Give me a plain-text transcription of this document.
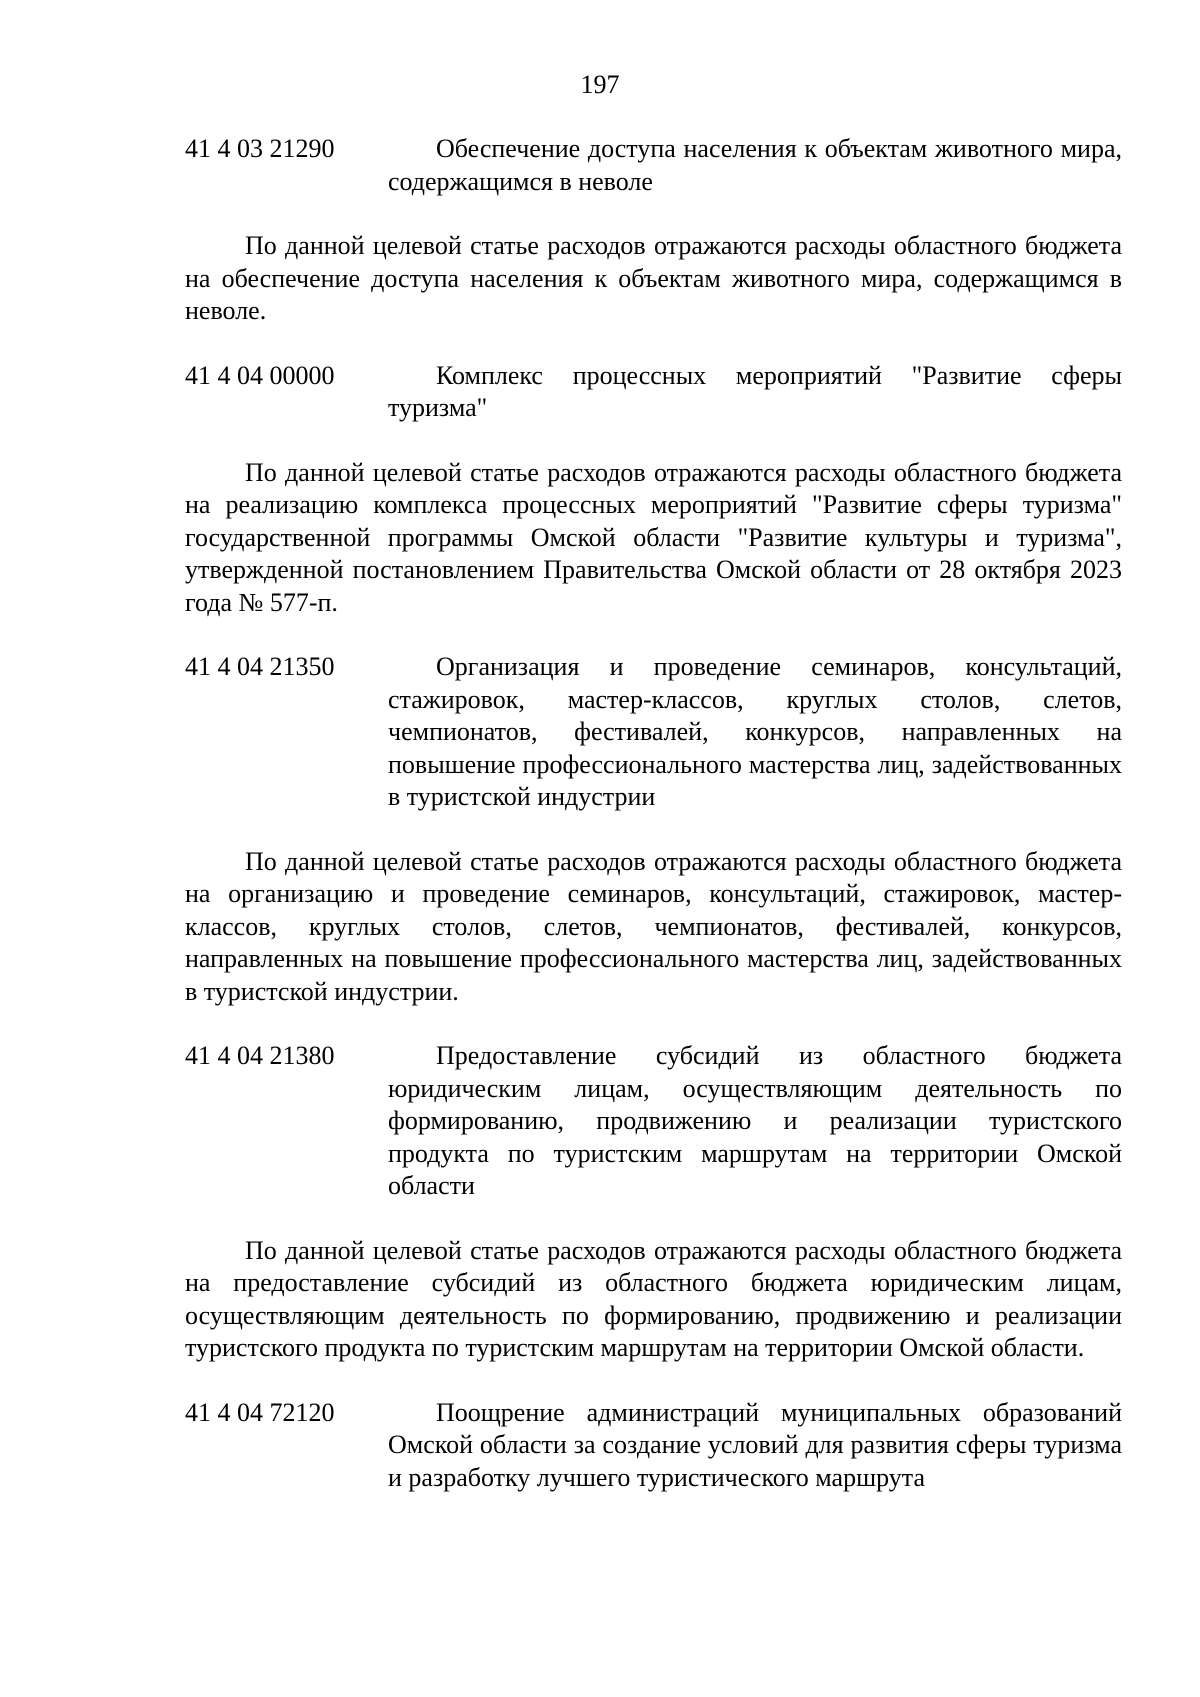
197
41 4 03 21290	Обеспечение доступа населения к объектам животного мира, содержащимся в неволе

По данной целевой статье расходов отражаются расходы областного бюджета на обеспечение доступа населения к объектам животного мира, содержащимся в неволе.

41 4 04 00000	Комплекс процессных мероприятий "Развитие сферы туризма"

По данной целевой статье расходов отражаются расходы областного бюджета на реализацию комплекса процессных мероприятий "Развитие сферы туризма" государственной программы Омской области "Развитие культуры и туризма", утвержденной постановлением Правительства Омской области от 28 октября 2023 года № 577-п.

41 4 04 21350	Организация и проведение семинаров, консультаций, стажировок, мастер-классов, круглых столов, слетов, чемпионатов, фестивалей, конкурсов, направленных на повышение профессионального мастерства лиц, задействованных в туристской индустрии

По данной целевой статье расходов отражаются расходы областного бюджета на организацию и проведение семинаров, консультаций, стажировок, мастер-классов, круглых столов, слетов, чемпионатов, фестивалей, конкурсов, направленных на повышение профессионального мастерства лиц, задействованных в туристской индустрии.

41 4 04 21380	Предоставление субсидий из областного бюджета юридическим лицам, осуществляющим деятельность по формированию, продвижению и реализации туристского продукта по туристским маршрутам на территории Омской области

По данной целевой статье расходов отражаются расходы областного бюджета на предоставление субсидий из областного бюджета юридическим лицам, осуществляющим деятельность по формированию, продвижению и реализации туристского продукта по туристским маршрутам на территории Омской области.

41 4 04 72120	Поощрение администраций муниципальных образований Омской области за создание условий для развития сферы туризма и разработку лучшего туристического маршрута
